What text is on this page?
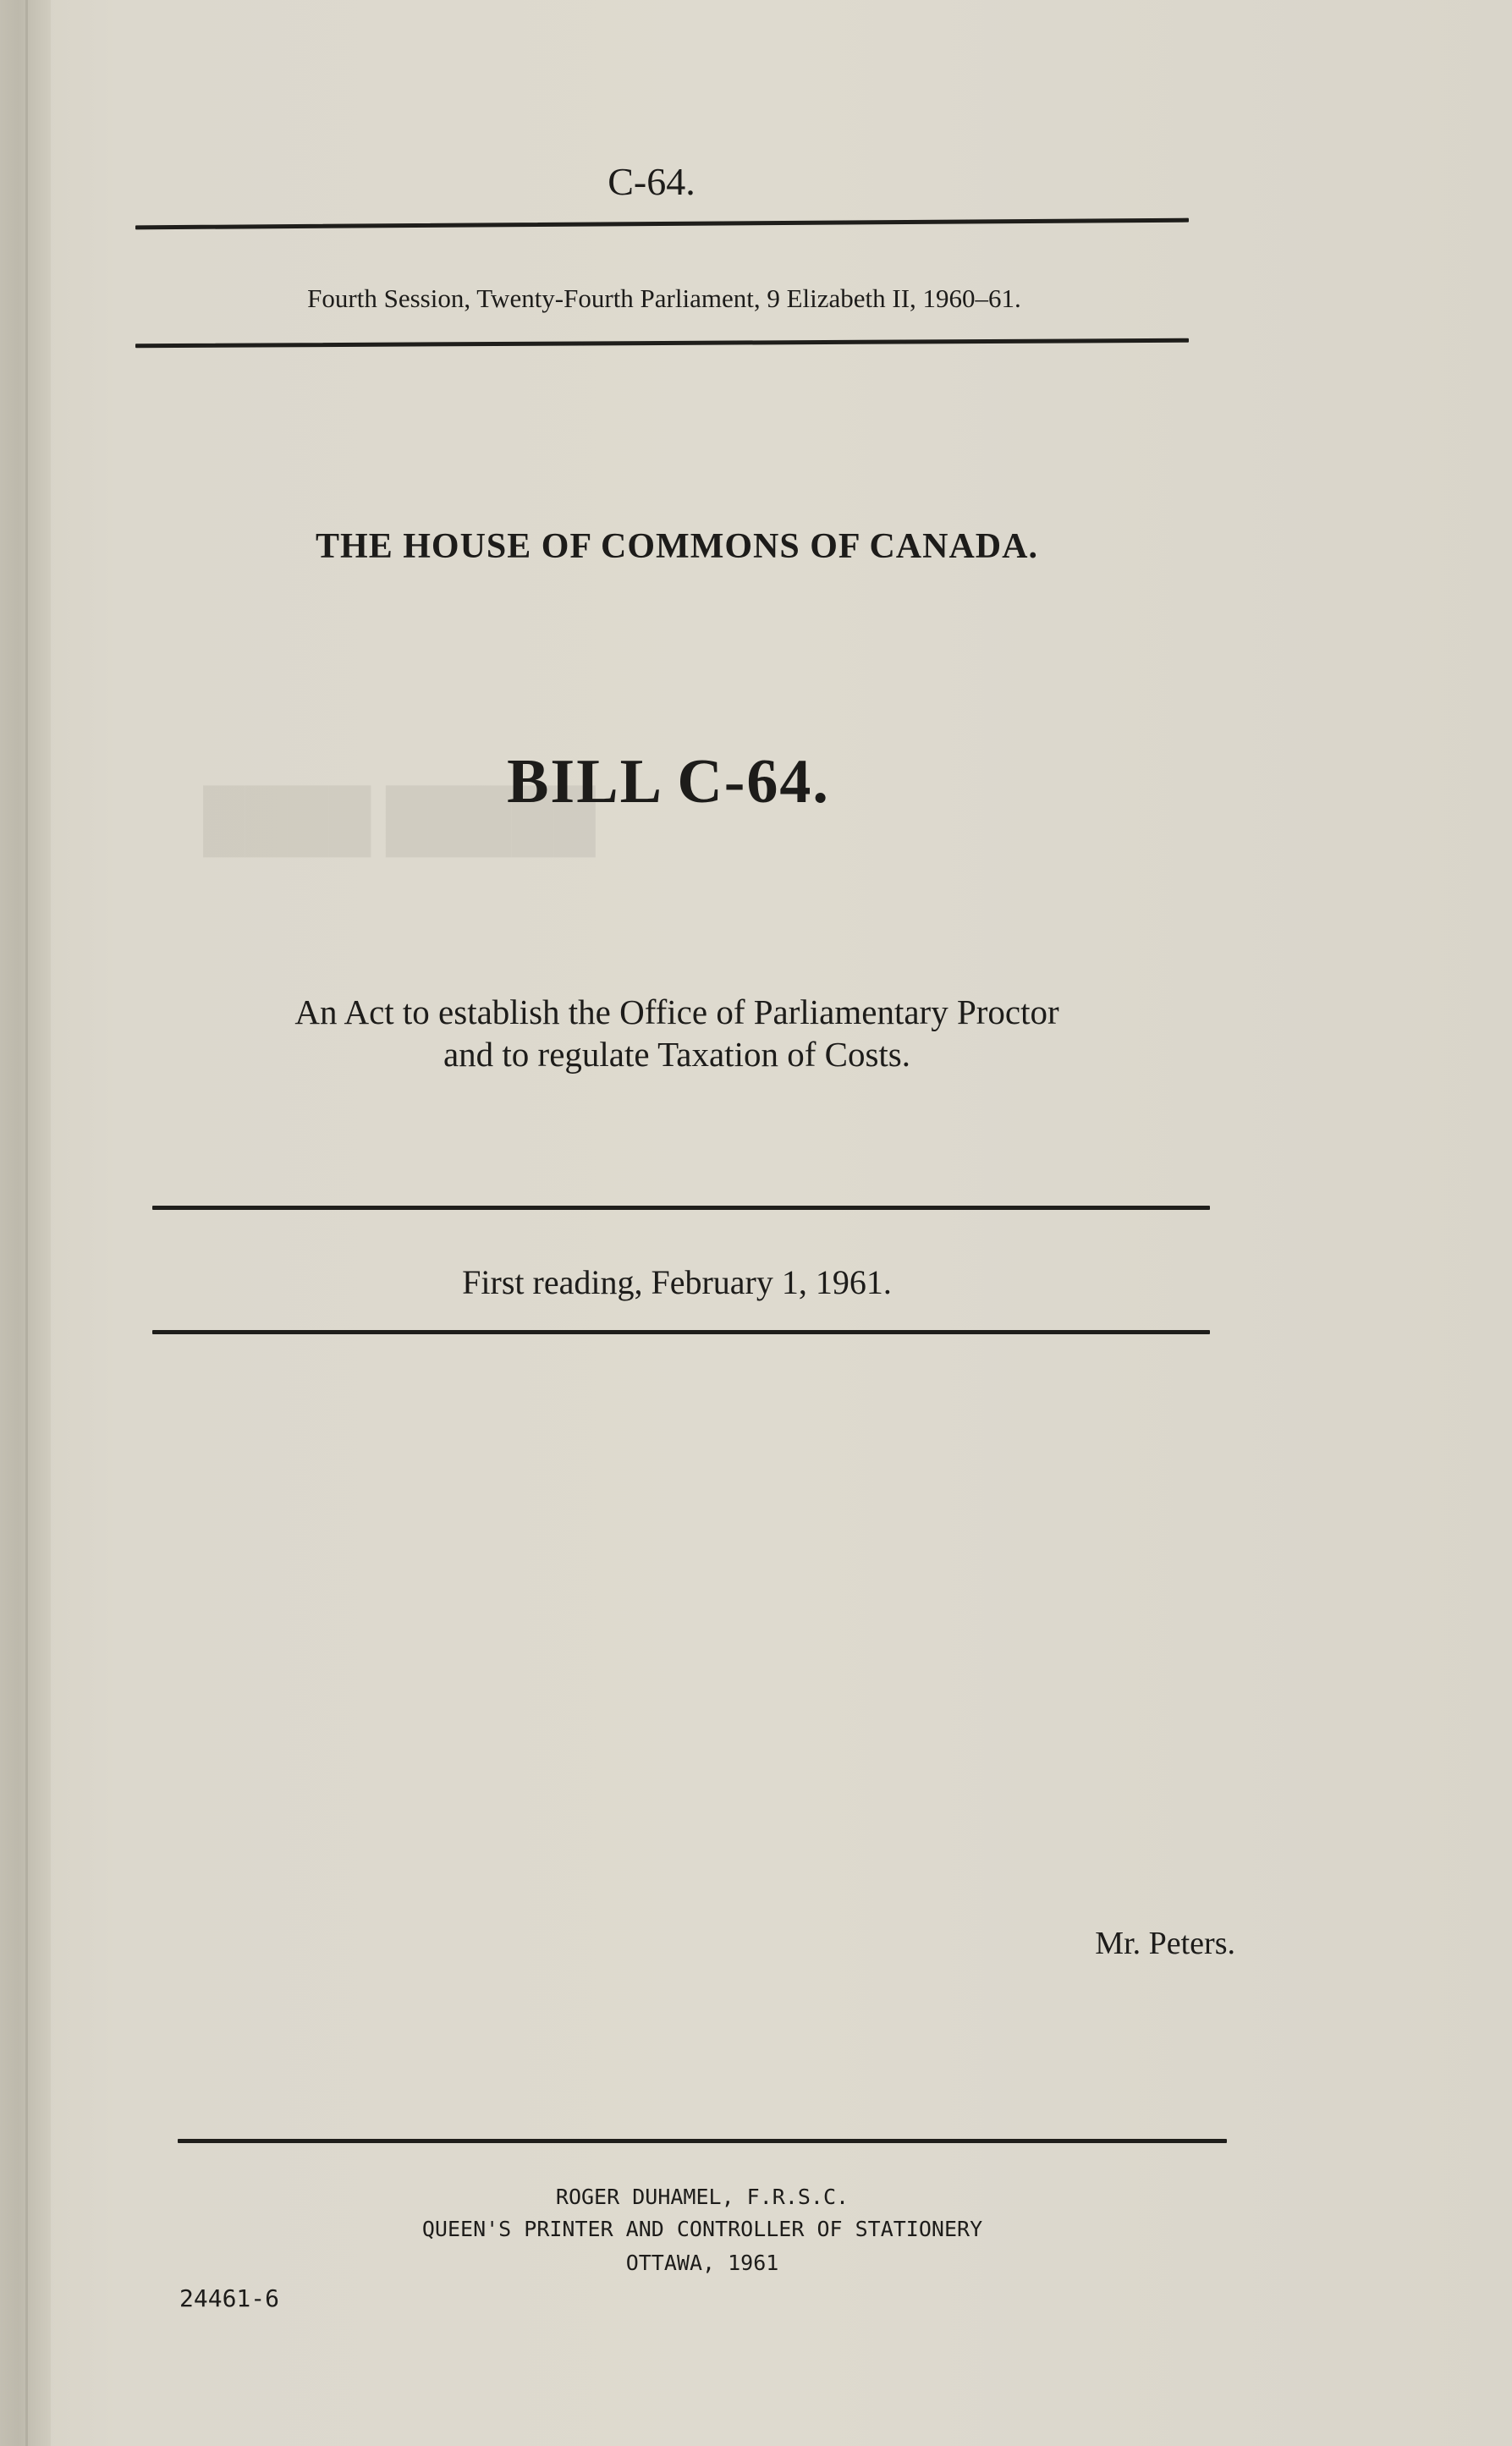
█████ ████
C-64.
Fourth Session, Twenty-Fourth Parliament, 9 Elizabeth II, 1960–61.
THE HOUSE OF COMMONS OF CANADA.
BILL C-64.
An Act to establish the Office of Parliamentary Proctor
and to regulate Taxation of Costs.
First reading, February 1, 1961.
Mr. Peters.
ROGER DUHAMEL, F.R.S.C.
QUEEN'S PRINTER AND CONTROLLER OF STATIONERY
OTTAWA, 1961
24461-6
